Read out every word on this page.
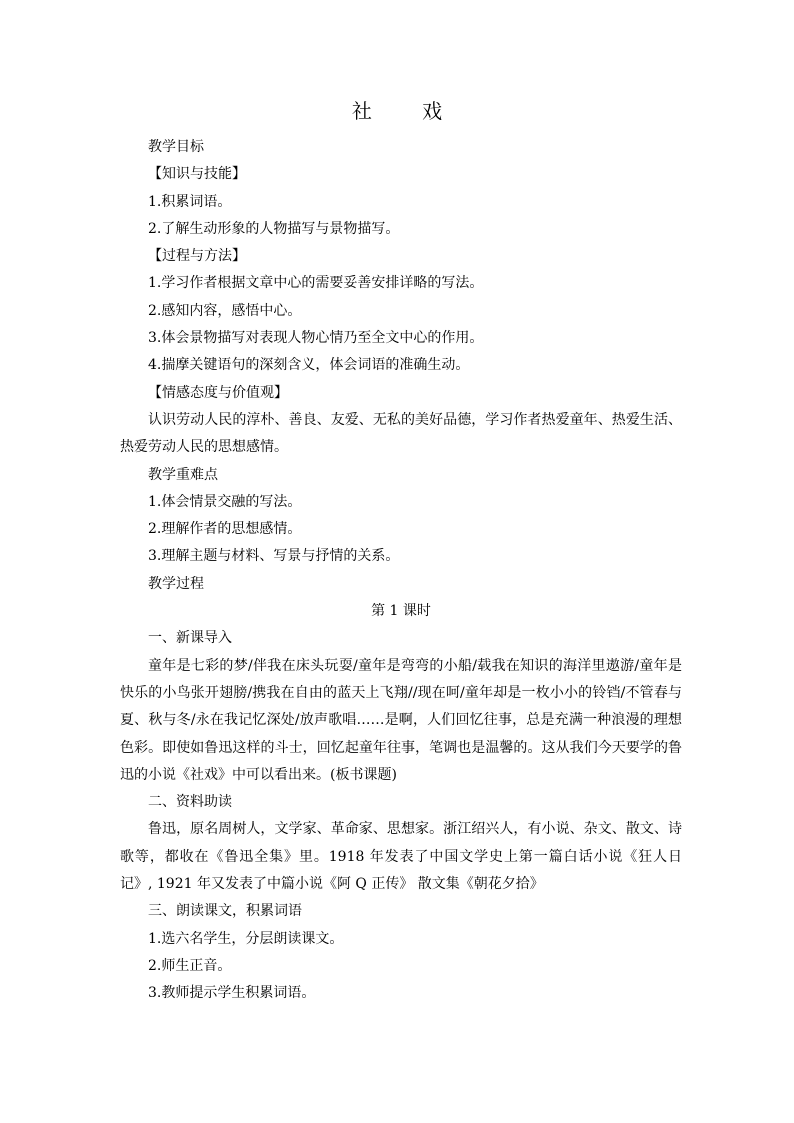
社 戏

教学目标

【知识与技能】

1.积累词语。

2.了解生动形象的人物描写与景物描写。

【过程与方法】

1.学习作者根据文章中心的需要妥善安排详略的写法。

2.感知内容，感悟中心。

3.体会景物描写对表现人物心情乃至全文中心的作用。

4.揣摩关键语句的深刻含义，体会词语的准确生动。

【情感态度与价值观】

认识劳动人民的淳朴、善良、友爱、无私的美好品德，学习作者热爱童年、热爱生活、热爱劳动人民的思想感情。

教学重难点

1.体会情景交融的写法。

2.理解作者的思想感情。

3.理解主题与材料、写景与抒情的关系。

教学过程

第 1 课时

一、新课导入

童年是七彩的梦/伴我在床头玩耍/童年是弯弯的小船/载我在知识的海洋里遨游/童年是快乐的小鸟张开翅膀/携我在自由的蓝天上飞翔//现在呵/童年却是一枚小小的铃铛/不管春与夏、秋与冬/永在我记忆深处/放声歌唱……是啊，人们回忆往事，总是充满一种浪漫的理想色彩。即使如鲁迅这样的斗士，回忆起童年往事，笔调也是温馨的。这从我们今天要学的鲁迅的小说《社戏》中可以看出来。(板书课题)

二、资料助读

鲁迅，原名周树人，文学家、革命家、思想家。浙江绍兴人，有小说、杂文、散文、诗歌等，都收在《鲁迅全集》里。1918 年发表了中国文学史上第一篇白话小说《狂人日记》, 1921 年又发表了中篇小说《阿 Q 正传》 散文集《朝花夕拾》

三、朗读课文，积累词语

1.选六名学生，分层朗读课文。

2.师生正音。

3.教师提示学生积累词语。
